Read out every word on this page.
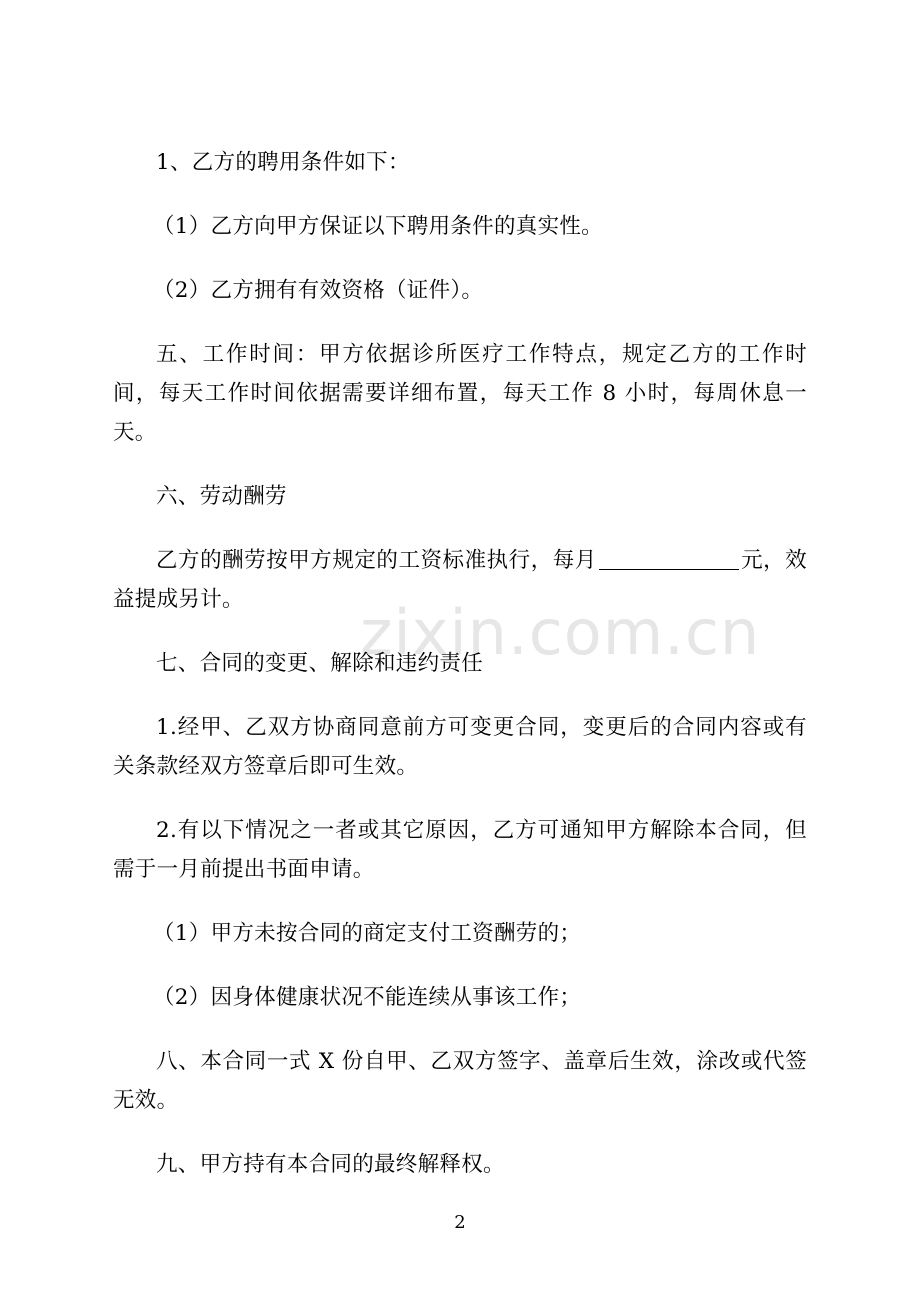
zixin.com.cn

1、乙方的聘用条件如下：

（1）乙方向甲方保证以下聘用条件的真实性。

（2）乙方拥有有效资格（证件）。

五、工作时间：甲方依据诊所医疗工作特点，规定乙方的工作时间，每天工作时间依据需要详细布置，每天工作 8 小时，每周休息一天。

六、劳动酬劳

乙方的酬劳按甲方规定的工资标准执行，每月	元，效益提成另计。

七、合同的变更、解除和违约责任

1.经甲、乙双方协商同意前方可变更合同，变更后的合同内容或有关条款经双方签章后即可生效。

2.有以下情况之一者或其它原因，乙方可通知甲方解除本合同，但需于一月前提出书面申请。

（1）甲方未按合同的商定支付工资酬劳的；

（2）因身体健康状况不能连续从事该工作；

八、本合同一式 X 份自甲、乙双方签字、盖章后生效，涂改或代签无效。

九、甲方持有本合同的最终解释权。

2
